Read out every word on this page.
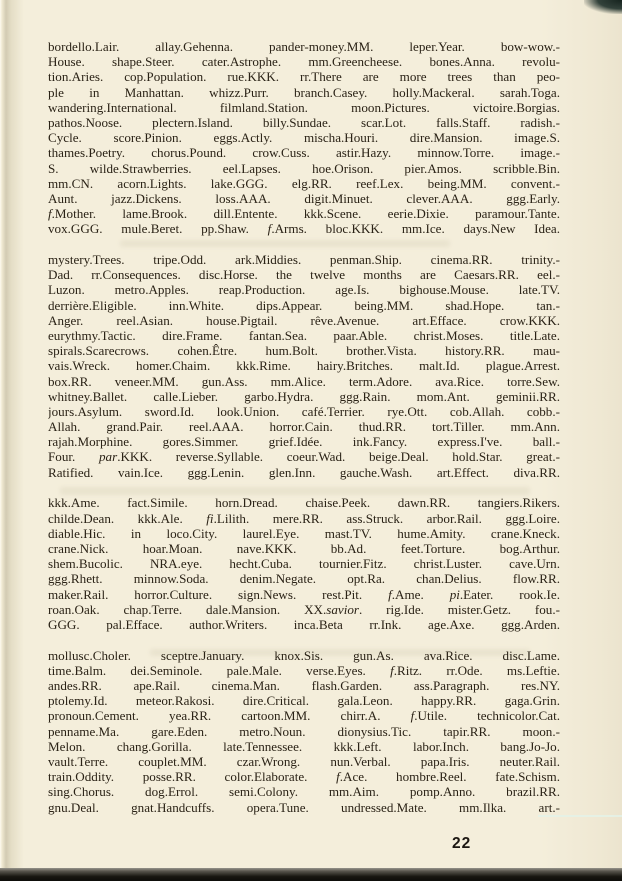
bordello.Lair. allay.Gehenna. pander-money.MM. leper.Year. bow-wow.-
House. shape.Steer. cater.Astrophe. mm.Greencheese. bones.Anna. revolu-
tion.Aries. cop.Population. rue.KKK. rr.There are more trees than peo-
ple in Manhattan. whizz.Purr. branch.Casey. holly.Mackeral. sarah.Toga.
wandering.International. filmland.Station. moon.Pictures. victoire.Borgias.
pathos.Noose. plectern.Island. billy.Sundae. scar.Lot. falls.Staff. radish.-
Cycle. score.Pinion. eggs.Actly. mischa.Houri. dire.Mansion. image.S.
thames.Poetry. chorus.Pound. crow.Cuss. astir.Hazy. minnow.Torre. image.-
S. wilde.Strawberries. eel.Lapses. hoe.Orison. pier.Amos. scribble.Bin.
mm.CN. acorn.Lights. lake.GGG. elg.RR. reef.Lex. being.MM. convent.-
Aunt. jazz.Dickens. loss.AAA. digit.Minuet. clever.AAA. ggg.Early.
f.Mother. lame.Brook. dill.Entente. kkk.Scene. eerie.Dixie. paramour.Tante.
vox.GGG. mule.Beret. pp.Shaw. f.Arms. bloc.KKK. mm.Ice. days.New Idea.
mystery.Trees. tripe.Odd. ark.Middies. penman.Ship. cinema.RR. trinity.-
Dad. rr.Consequences. disc.Horse. the twelve months are Caesars.RR. eel.-
Luzon. metro.Apples. reap.Production. age.Is. bighouse.Mouse. late.TV.
derrière.Eligible. inn.White. dips.Appear. being.MM. shad.Hope. tan.-
Anger. reel.Asian. house.Pigtail. rêve.Avenue. art.Efface. crow.KKK.
eurythmy.Tactic. dire.Frame. fantan.Sea. paar.Able. christ.Moses. title.Late.
spirals.Scarecrows. cohen.Être. hum.Bolt. brother.Vista. history.RR. mau-
vais.Wreck. homer.Chaim. kkk.Rime. hairy.Britches. malt.Id. plague.Arrest.
box.RR. veneer.MM. gun.Ass. mm.Alice. term.Adore. ava.Rice. torre.Sew.
whitney.Ballet. calle.Lieber. garbo.Hydra. ggg.Rain. mom.Ant. geminii.RR.
jours.Asylum. sword.Id. look.Union. café.Terrier. rye.Ott. cob.Allah. cobb.-
Allah. grand.Pair. reel.AAA. horror.Cain. thud.RR. tort.Tiller. mm.Ann.
rajah.Morphine. gores.Simmer. grief.Idée. ink.Fancy. express.I've. ball.-
Four. par.KKK. reverse.Syllable. coeur.Wad. beige.Deal. hold.Star. great.-
Ratified. vain.Ice. ggg.Lenin. glen.Inn. gauche.Wash. art.Effect. diva.RR.
kkk.Ame. fact.Simile. horn.Dread. chaise.Peek. dawn.RR. tangiers.Rikers.
childe.Dean. kkk.Ale. fi.Lilith. mere.RR. ass.Struck. arbor.Rail. ggg.Loire.
diable.Hic. in loco.City. laurel.Eye. mast.TV. hume.Amity. crane.Kneck.
crane.Nick. hoar.Moan. nave.KKK. bb.Ad. feet.Torture. bog.Arthur.
shem.Bucolic. NRA.eye. hecht.Cuba. tournier.Fitz. christ.Luster. cave.Urn.
ggg.Rhett. minnow.Soda. denim.Negate. opt.Ra. chan.Delius. flow.RR.
maker.Rail. horror.Culture. sign.News. rest.Pit. f.Ame. pi.Eater. rook.Ie.
roan.Oak. chap.Terre. dale.Mansion. XX.savior. rig.Ide. mister.Getz. fou.-
GGG. pal.Efface. author.Writers. inca.Beta rr.Ink. age.Axe. ggg.Arden.
mollusc.Choler. sceptre.January. knox.Sis. gun.As. ava.Rice. disc.Lame.
time.Balm. dei.Seminole. pale.Male. verse.Eyes. f.Ritz. rr.Ode. ms.Leftie.
andes.RR. ape.Rail. cinema.Man. flash.Garden. ass.Paragraph. res.NY.
ptolemy.Id. meteor.Rakosi. dire.Critical. gala.Leon. happy.RR. gaga.Grin.
pronoun.Cement. yea.RR. cartoon.MM. chirr.A. f.Utile. technicolor.Cat.
penname.Ma. gare.Eden. metro.Noun. dionysius.Tic. tapir.RR. moon.-
Melon. chang.Gorilla. late.Tennessee. kkk.Left. labor.Inch. bang.Jo-Jo.
vault.Terre. couplet.MM. czar.Wrong. nun.Verbal. papa.Iris. neuter.Rail.
train.Oddity. posse.RR. color.Elaborate. f.Ace. hombre.Reel. fate.Schism.
sing.Chorus. dog.Errol. semi.Colony. mm.Aim. pomp.Anno. brazil.RR.
gnu.Deal. gnat.Handcuffs. opera.Tune. undressed.Mate. mm.Ilka. art.-
22
